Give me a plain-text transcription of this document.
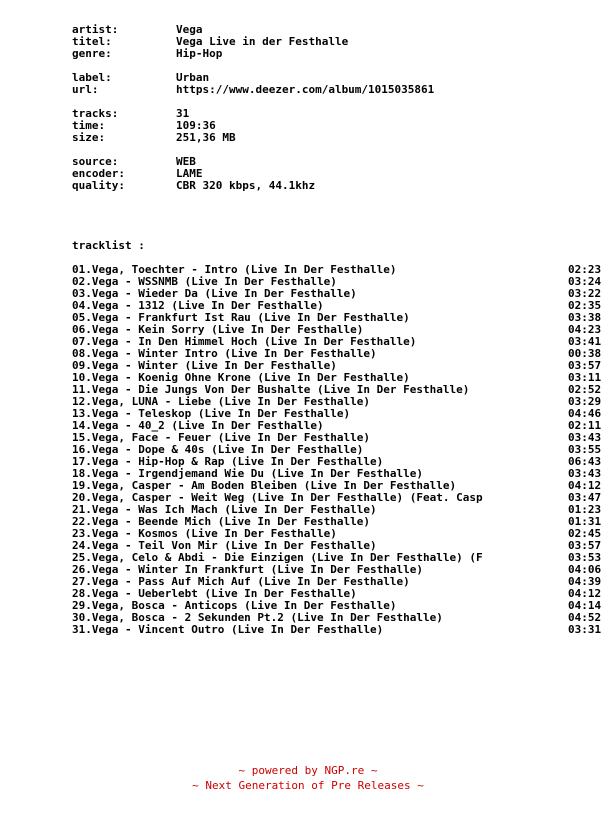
artist:

	Vega

titel:

	Vega Live in der Festhalle

genre:

	Hip-Hop

label:

	Urban

url:

	https://www.deezer.com/album/1015035861

tracks:

	31

time:

	109:36

size:

	251,36 MB

source:

	WEB

encoder:

	LAME

quality:

	CBR 320 kbps, 44.1khz

tracklist :
01.Vega, Toechter - Intro (Live In Der Festhalle)	02:23
02.Vega - WSSNMB (Live In Der Festhalle)	03:24
03.Vega - Wieder Da (Live In Der Festhalle)	03:22
04.Vega - 1312 (Live In Der Festhalle)	02:35
05.Vega - Frankfurt Ist Rau (Live In Der Festhalle)	03:38
06.Vega - Kein Sorry (Live In Der Festhalle)	04:23
07.Vega - In Den Himmel Hoch (Live In Der Festhalle)	03:41
08.Vega - Winter Intro (Live In Der Festhalle)	00:38
09.Vega - Winter (Live In Der Festhalle)	03:57
10.Vega - Koenig Ohne Krone (Live In Der Festhalle)	03:11
11.Vega - Die Jungs Von Der Bushalte (Live In Der Festhalle)	02:52
12.Vega, LUNA - Liebe (Live In Der Festhalle)	03:29
13.Vega - Teleskop (Live In Der Festhalle)	04:46
14.Vega - 40_2 (Live In Der Festhalle)	02:11
15.Vega, Face - Feuer (Live In Der Festhalle)	03:43
16.Vega - Dope & 40s (Live In Der Festhalle)	03:55
17.Vega - Hip-Hop & Rap (Live In Der Festhalle)	06:43
18.Vega - Irgendjemand Wie Du (Live In Der Festhalle)	03:43
19.Vega, Casper - Am Boden Bleiben (Live In Der Festhalle)	04:12
20.Vega, Casper - Weit Weg (Live In Der Festhalle) (Feat. Casp	03:47
21.Vega - Was Ich Mach (Live In Der Festhalle)	01:23
22.Vega - Beende Mich (Live In Der Festhalle)	01:31
23.Vega - Kosmos (Live In Der Festhalle)	02:45
24.Vega - Teil Von Mir (Live In Der Festhalle)	03:57
25.Vega, Celo & Abdi - Die Einzigen (Live In Der Festhalle) (F	03:53
26.Vega - Winter In Frankfurt (Live In Der Festhalle)	04:06
27.Vega - Pass Auf Mich Auf (Live In Der Festhalle)	04:39
28.Vega - Ueberlebt (Live In Der Festhalle)	04:12
29.Vega, Bosca - Anticops (Live In Der Festhalle)	04:14
30.Vega, Bosca - 2 Sekunden Pt.2 (Live In Der Festhalle)	04:52
31.Vega - Vincent Outro (Live In Der Festhalle)	03:31
~ powered by NGP.re ~
~ Next Generation of Pre Releases ~
